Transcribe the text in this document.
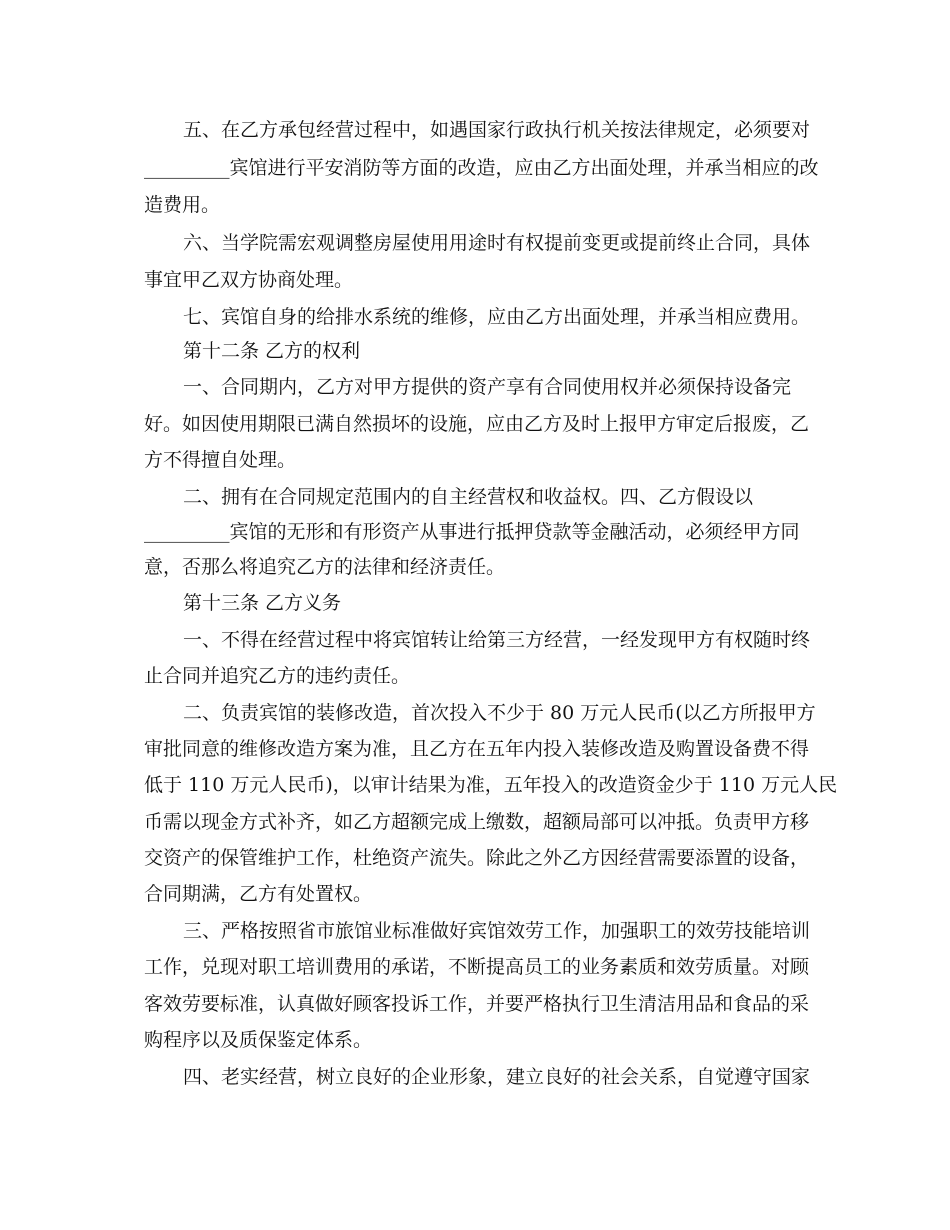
五、在乙方承包经营过程中，如遇国家行政执行机关按法律规定，必须要对

_________宾馆进行平安消防等方面的改造，应由乙方出面处理，并承当相应的改

造费用。

六、当学院需宏观调整房屋使用用途时有权提前变更或提前终止合同，具体

事宜甲乙双方协商处理。

七、宾馆自身的给排水系统的维修，应由乙方出面处理，并承当相应费用。

第十二条 乙方的权利

一、合同期内，乙方对甲方提供的资产享有合同使用权并必须保持设备完

好。如因使用期限已满自然损坏的设施，应由乙方及时上报甲方审定后报废，乙

方不得擅自处理。

二、拥有在合同规定范围内的自主经营权和收益权。四、乙方假设以

_________宾馆的无形和有形资产从事进行抵押贷款等金融活动，必须经甲方同

意，否那么将追究乙方的法律和经济责任。

第十三条 乙方义务

一、不得在经营过程中将宾馆转让给第三方经营，一经发现甲方有权随时终

止合同并追究乙方的违约责任。

二、负责宾馆的装修改造，首次投入不少于 80 万元人民币(以乙方所报甲方

审批同意的维修改造方案为准，且乙方在五年内投入装修改造及购置设备费不得

低于 110 万元人民币)，以审计结果为准，五年投入的改造资金少于 110 万元人民

币需以现金方式补齐，如乙方超额完成上缴数，超额局部可以冲抵。负责甲方移

交资产的保管维护工作，杜绝资产流失。除此之外乙方因经营需要添置的设备，

合同期满，乙方有处置权。

三、严格按照省市旅馆业标准做好宾馆效劳工作，加强职工的效劳技能培训

工作，兑现对职工培训费用的承诺，不断提高员工的业务素质和效劳质量。对顾

客效劳要标准，认真做好顾客投诉工作，并要严格执行卫生清洁用品和食品的采

购程序以及质保鉴定体系。

四、老实经营，树立良好的企业形象，建立良好的社会关系，自觉遵守国家
